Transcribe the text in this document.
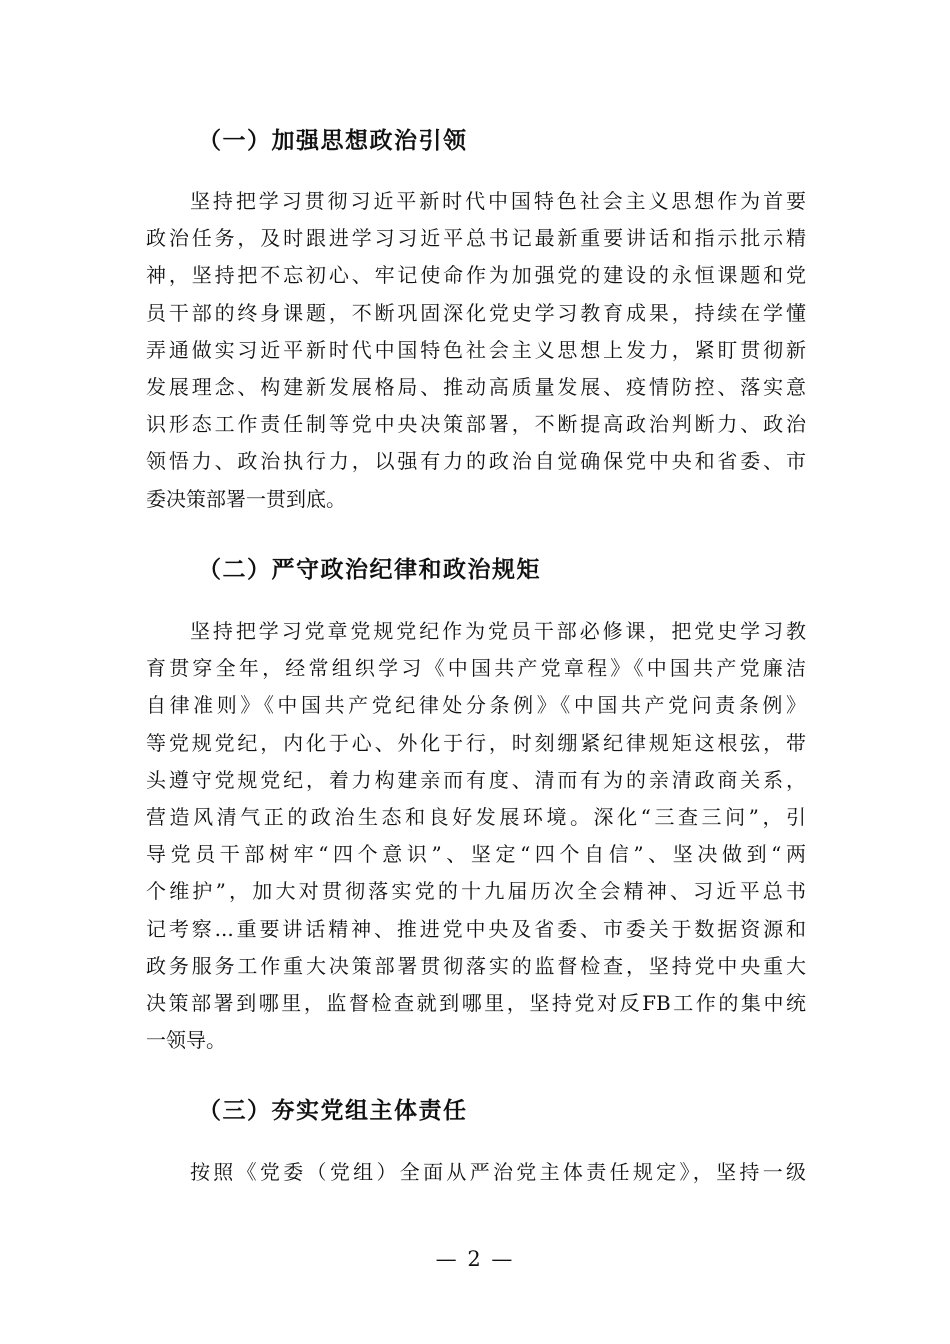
（一）加强思想政治引领
坚持把学习贯彻习近平新时代中国特色社会主义思想作为首要
政治任务，及时跟进学习习近平总书记最新重要讲话和指示批示精
神，坚持把不忘初心、牢记使命作为加强党的建设的永恒课题和党
员干部的终身课题，不断巩固深化党史学习教育成果，持续在学懂
弄通做实习近平新时代中国特色社会主义思想上发力，紧盯贯彻新
发展理念、构建新发展格局、推动高质量发展、疫情防控、落实意
识形态工作责任制等党中央决策部署，不断提高政治判断力、政治
领悟力、政治执行力，以强有力的政治自觉确保党中央和省委、市
委决策部署一贯到底。
（二）严守政治纪律和政治规矩
坚持把学习党章党规党纪作为党员干部必修课，把党史学习教
育贯穿全年，经常组织学习《中国共产党章程》《中国共产党廉洁
自律准则》《中国共产党纪律处分条例》《中国共产党问责条例》
等党规党纪，内化于心、外化于行，时刻绷紧纪律规矩这根弦，带
头遵守党规党纪，着力构建亲而有度、清而有为的亲清政商关系，
营造风清气正的政治生态和良好发展环境。深化“三查三问”，引
导党员干部树牢“四个意识”、坚定“四个自信”、坚决做到“两
个维护”，加大对贯彻落实党的十九届历次全会精神、习近平总书
记考察...重要讲话精神、推进党中央及省委、市委关于数据资源和
政务服务工作重大决策部署贯彻落实的监督检查，坚持党中央重大
决策部署到哪里，监督检查就到哪里，坚持党对反FB工作的集中统
一领导。
（三）夯实党组主体责任
按照《党委（党组）全面从严治党主体责任规定》，坚持一级
— 2 —
